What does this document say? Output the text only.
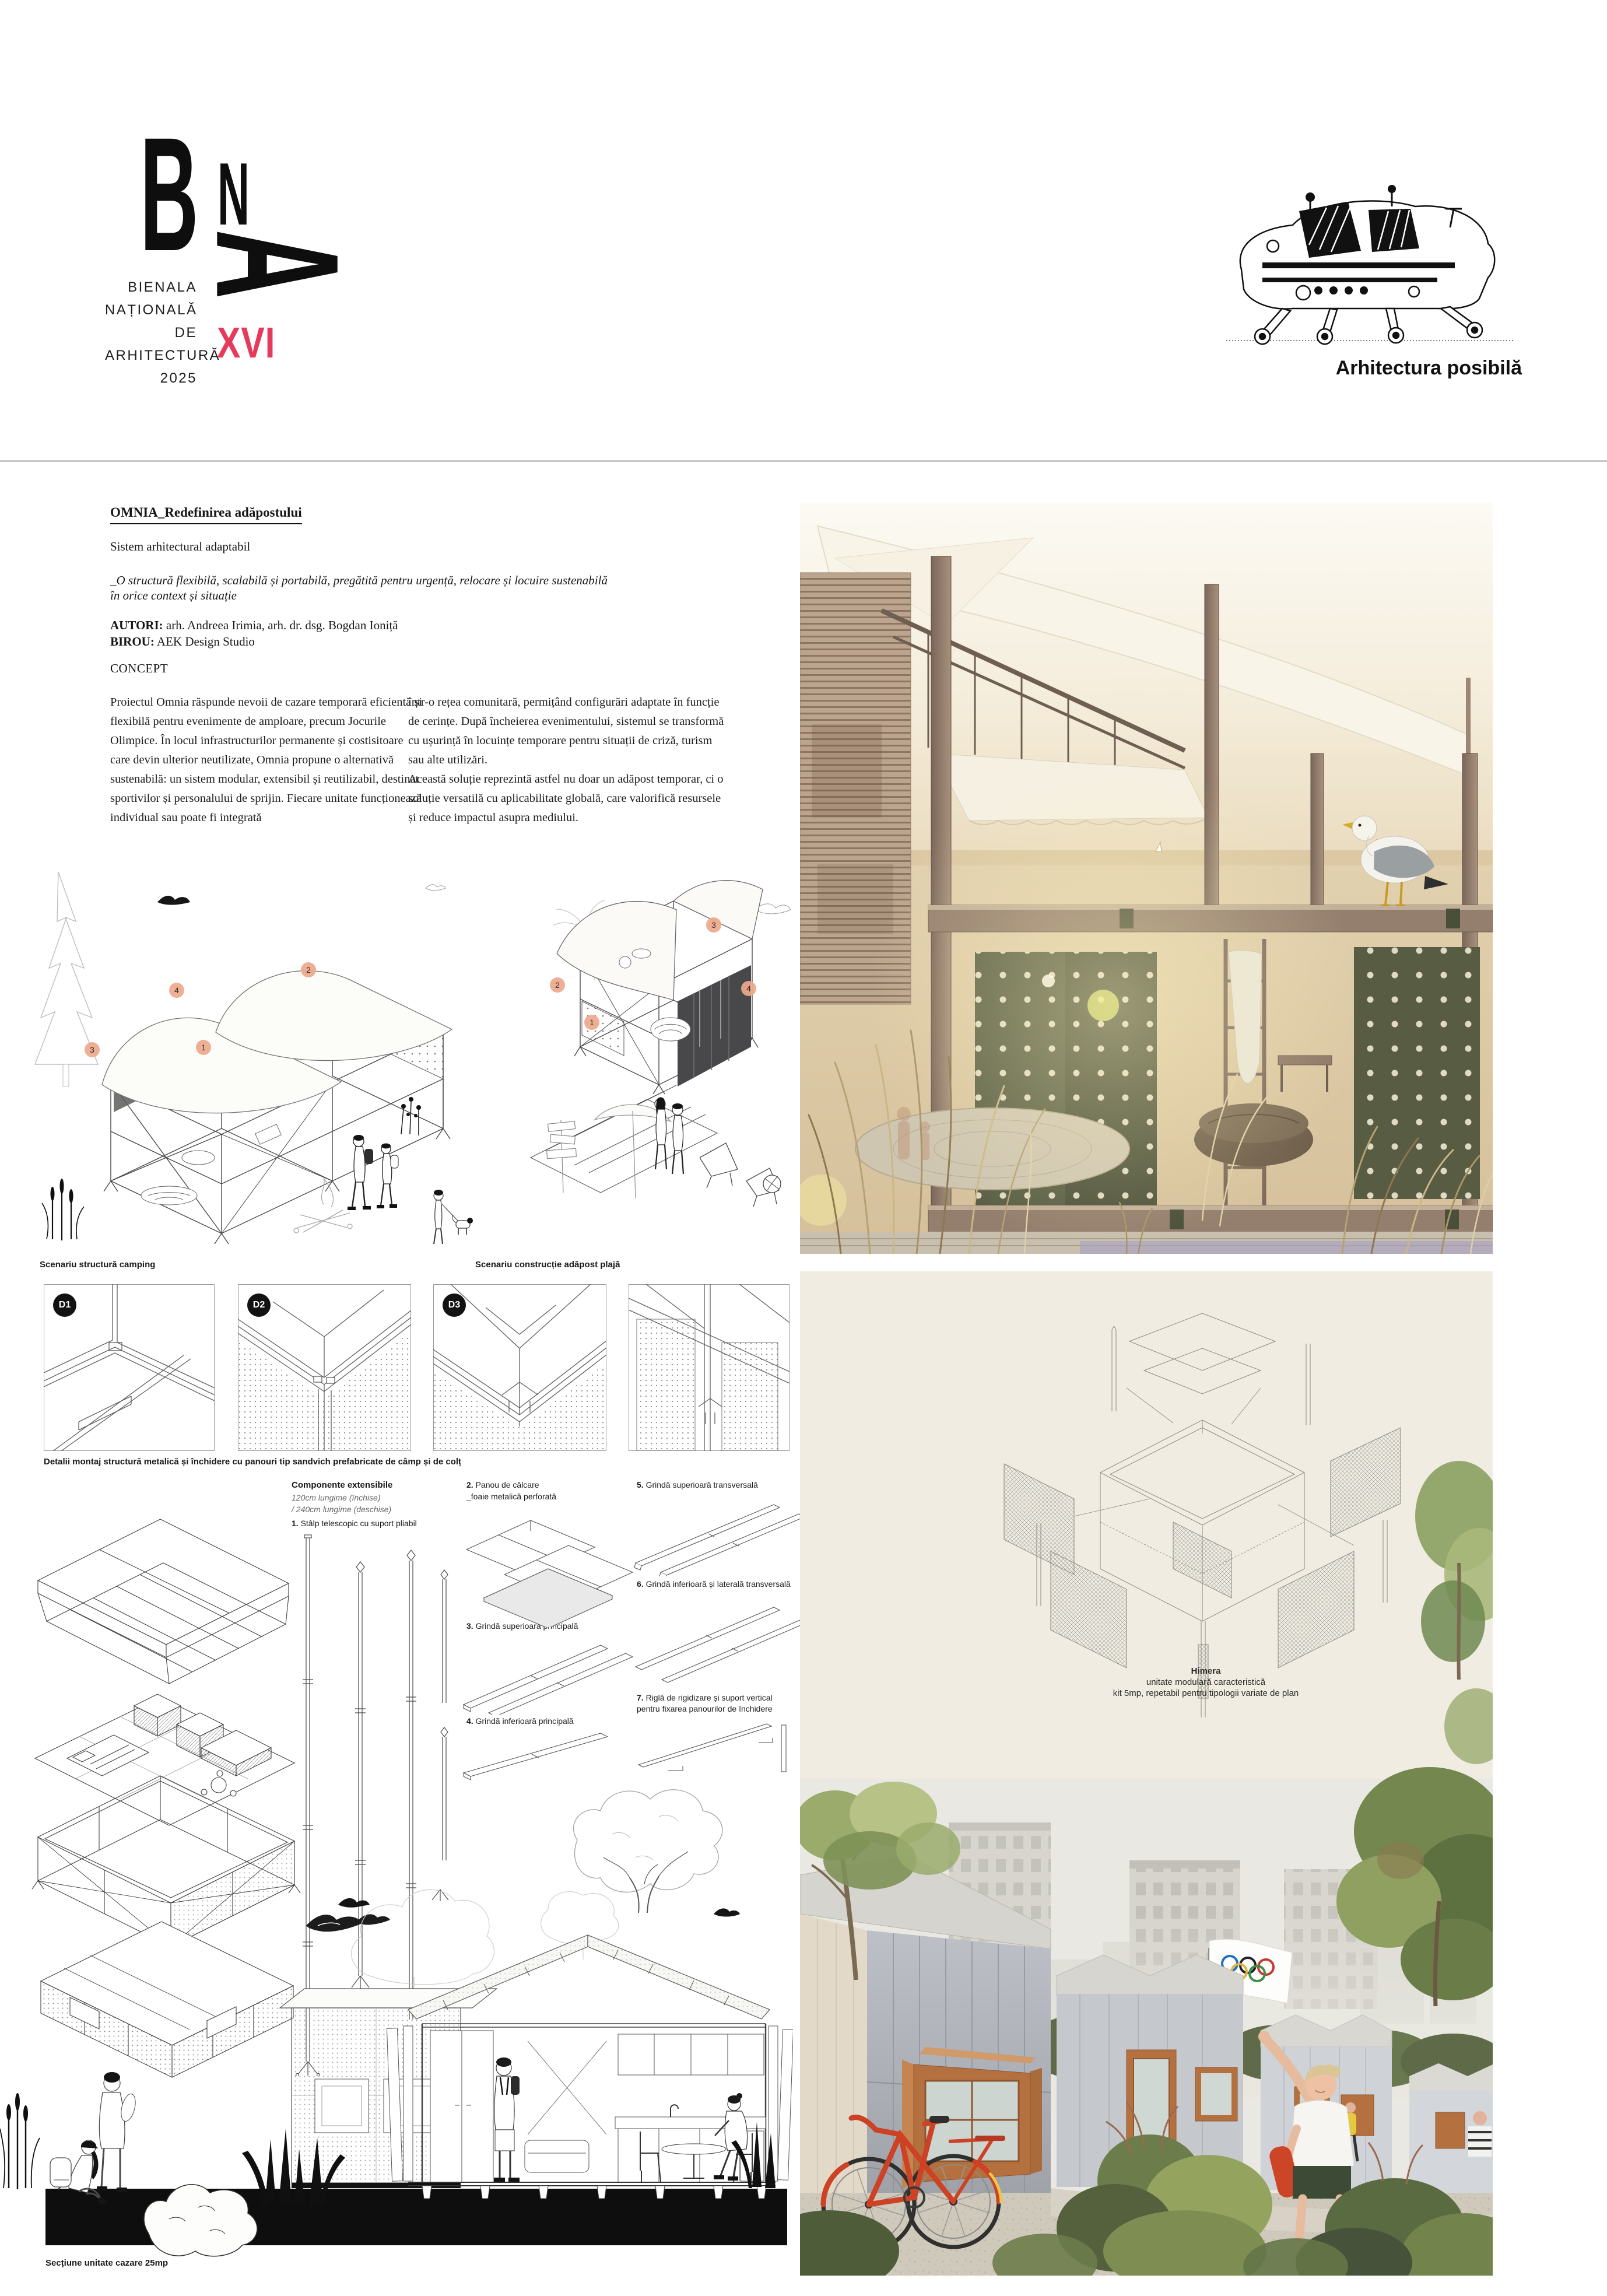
B N
A
BIENALA
NAȚIONALĂ
DE
ARHITECTURĂ
2025
XVI
Arhitectura posibilă
OMNIA_Redefinirea adăpostului
Sistem arhitectural adaptabil
_O structură flexibilă, scalabilă și portabilă, pregătită pentru urgență, relocare și locuire sustenabilă
în orice context și situație
AUTORI: arh. Andreea Irimia, arh. dr. dsg. Bogdan Ioniță
BIROU: AEK Design Studio
CONCEPT
Proiectul Omnia răspunde nevoii de cazare temporară eficientă și flexibilă pentru evenimente de amploare, precum Jocurile Olimpice. În locul infrastructurilor permanente și costisitoare care devin ulterior neutilizate, Omnia propune o alternativă sustenabilă: un sistem modular, extensibil și reutilizabil, destinat sportivilor și personalului de sprijin. Fiecare unitate funcționează individual sau poate fi integrată
într-o rețea comunitară, permițând configurări adaptate în funcție de cerințe. După încheierea evenimentului, sistemul se transformă cu ușurință în locuințe temporare pentru situații de criză, turism sau alte utilizări.
Această soluție reprezintă astfel nu doar un adăpost temporar, ci o soluție versatilă cu aplicabilitate globală, care valorifică resursele și reduce impactul asupra mediului.
1
2
3
4
1
2
3
4
Scenariu structură camping	Scenariu construcție adăpost plajă
D1	D2	D3
Detalii montaj structură metalică și închidere cu panouri tip sandvich prefabricate de câmp și de colț
Componente extensibile
120cm lungime (închise)
/ 240cm lungime (deschise)
1. Stâlp telescopic cu suport pliabil
2. Panou de călcare
_foaie metalică perforată
3. Grindă superioară principală
4. Grindă inferioară principală
5. Grindă superioară transversală
6. Grindă inferioară și laterală transversală
7. Riglă de rigidizare și suport vertical
pentru fixarea panourilor de închidere
Secțiune unitate cazare 25mp
Himera
unitate modulară caracteristică
kit 5mp, repetabil pentru tipologii variate de plan
